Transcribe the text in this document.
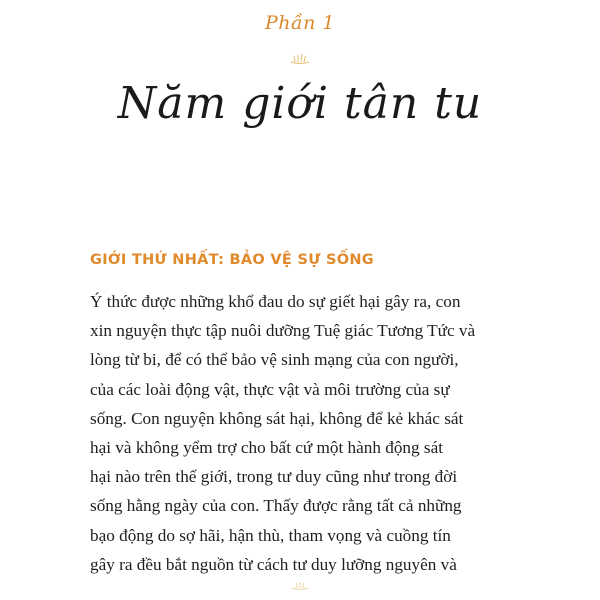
Phần 1
Năm giới tân tu
GIỚI THỨ NHẤT: BẢO VỆ SỰ SỐNG
Ý thức được những khổ đau do sự giết hại gây ra, con
xin nguyện thực tập nuôi dưỡng Tuệ giác Tương Tức và
lòng từ bi, để có thể bảo vệ sinh mạng của con người,
của các loài động vật, thực vật và môi trường của sự
sống. Con nguyện không sát hại, không để kẻ khác sát
hại và không yểm trợ cho bất cứ một hành động sát
hại nào trên thế giới, trong tư duy cũng như trong đời
sống hằng ngày của con. Thấy được rằng tất cả những
bạo động do sợ hãi, hận thù, tham vọng và cuồng tín
gây ra đều bắt nguồn từ cách tư duy lưỡng nguyên và
